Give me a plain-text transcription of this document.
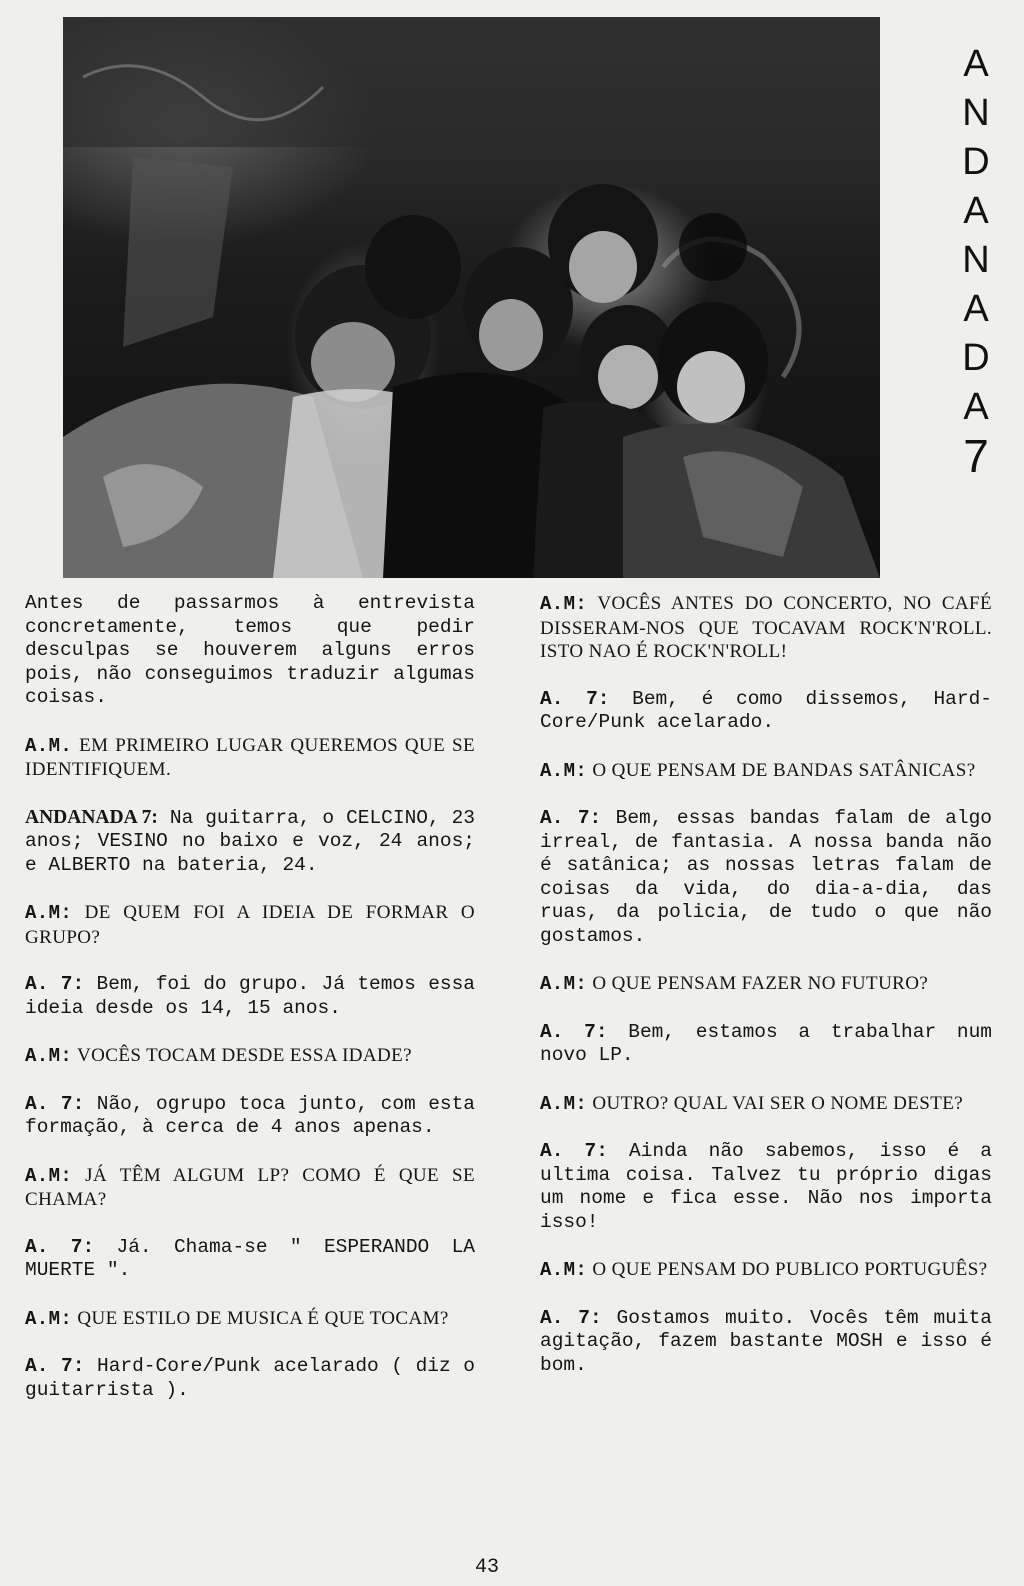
A
N
D
A
N
A
D
A
7

Antes de passarmos à entrevista concretamente, temos que pedir desculpas se houverem alguns erros pois, não conseguimos traduzir algumas coisas.

A.M. EM PRIMEIRO LUGAR QUEREMOS QUE SE IDENTIFIQUEM.

ANDANADA 7: Na guitarra, o CELCINO, 23 anos; VESINO no baixo e voz, 24 anos; e ALBERTO na bateria, 24.

A.M: DE QUEM FOI A IDEIA DE FORMAR O GRUPO?

A. 7: Bem, foi do grupo. Já temos essa ideia desde os 14, 15 anos.

A.M: VOCÊS TOCAM DESDE ESSA IDADE?

A. 7: Não, ogrupo toca junto, com esta formação, à cerca de 4 anos apenas.

A.M: JÁ TÊM ALGUM LP? COMO É QUE SE CHAMA?

A. 7: Já. Chama-se " ESPERANDO LA MUERTE ".

A.M: QUE ESTILO DE MUSICA É QUE TOCAM?

A. 7: Hard-Core/Punk acelarado ( diz o guitarrista ).

A.M: VOCÊS ANTES DO CONCERTO, NO CAFÉ DISSERAM-NOS QUE TOCAVAM ROCK'N'ROLL. ISTO NAO É ROCK'N'ROLL!

A. 7: Bem, é como dissemos, Hard-Core/Punk acelarado.

A.M: O QUE PENSAM DE BANDAS SATÂNICAS?

A. 7: Bem, essas bandas falam de algo irreal, de fantasia. A nossa banda não é satânica; as nossas letras falam de coisas da vida, do dia-a-dia, das ruas, da policia, de tudo o que não gostamos.

A.M: O QUE PENSAM FAZER NO FUTURO?

A. 7: Bem, estamos a trabalhar num novo LP.

A.M: OUTRO? QUAL VAI SER O NOME DESTE?

A. 7: Ainda não sabemos, isso é a ultima coisa. Talvez tu próprio digas um nome e fica esse. Não nos importa isso!

A.M: O QUE PENSAM DO PUBLICO PORTUGUÊS?

A. 7: Gostamos muito. Vocês têm muita agitação, fazem bastante MOSH e isso é bom.

43
